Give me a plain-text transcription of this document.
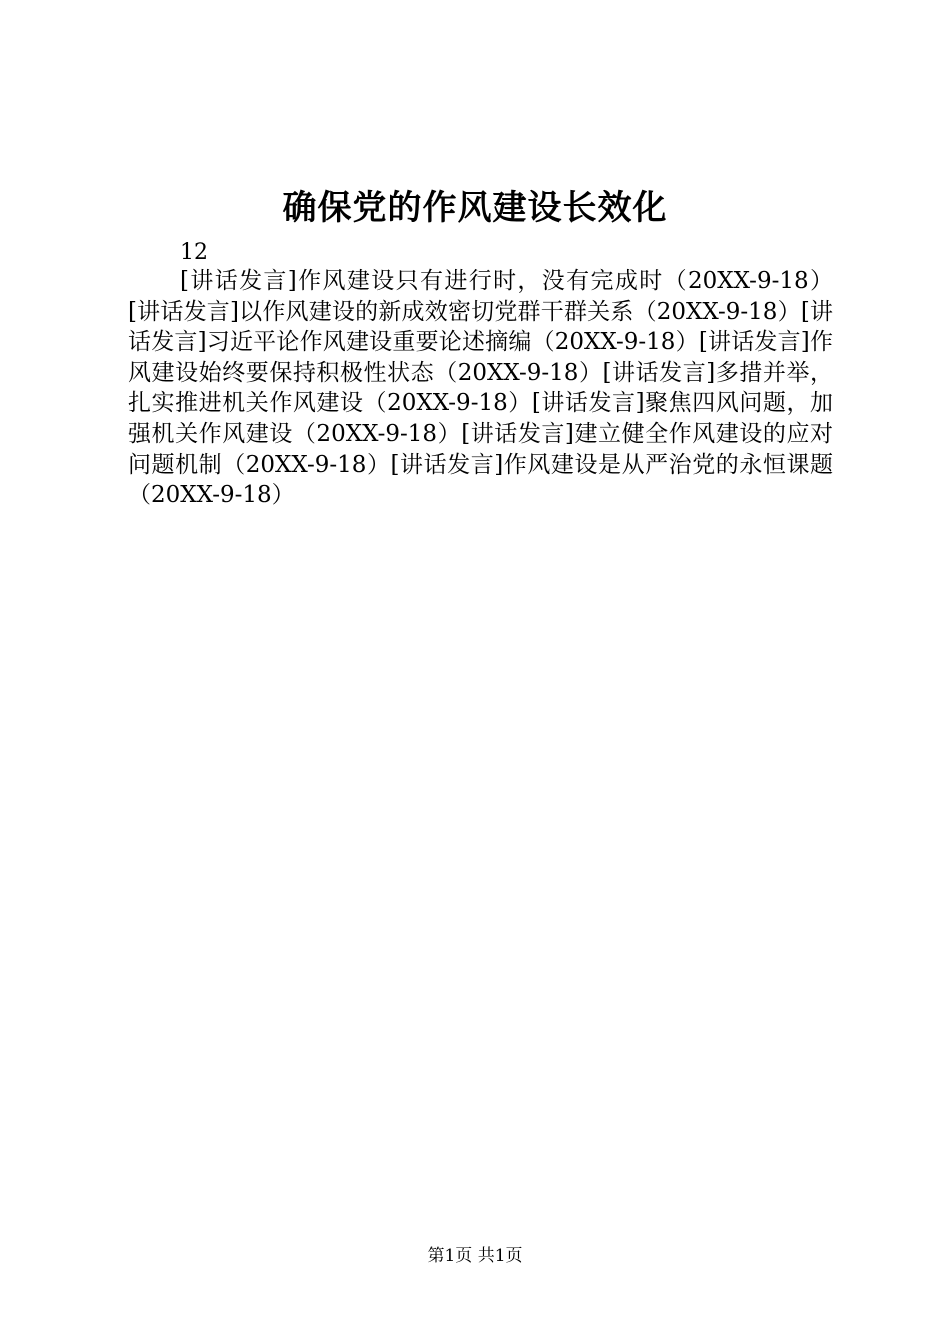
确保党的作风建设长效化
12
[讲话发言]作风建设只有进行时，没有完成时（20XX-9-18）[讲话发言]以作风建设的新成效密切党群干群关系（20XX-9-18）[讲话发言]习近平论作风建设重要论述摘编（20XX-9-18）[讲话发言]作风建设始终要保持积极性状态（20XX-9-18）[讲话发言]多措并举，扎实推进机关作风建设（20XX-9-18）[讲话发言]聚焦四风问题，加强机关作风建设（20XX-9-18）[讲话发言]建立健全作风建设的应对问题机制（20XX-9-18）[讲话发言]作风建设是从严治党的永恒课题（20XX-9-18）
第1页 共1页
